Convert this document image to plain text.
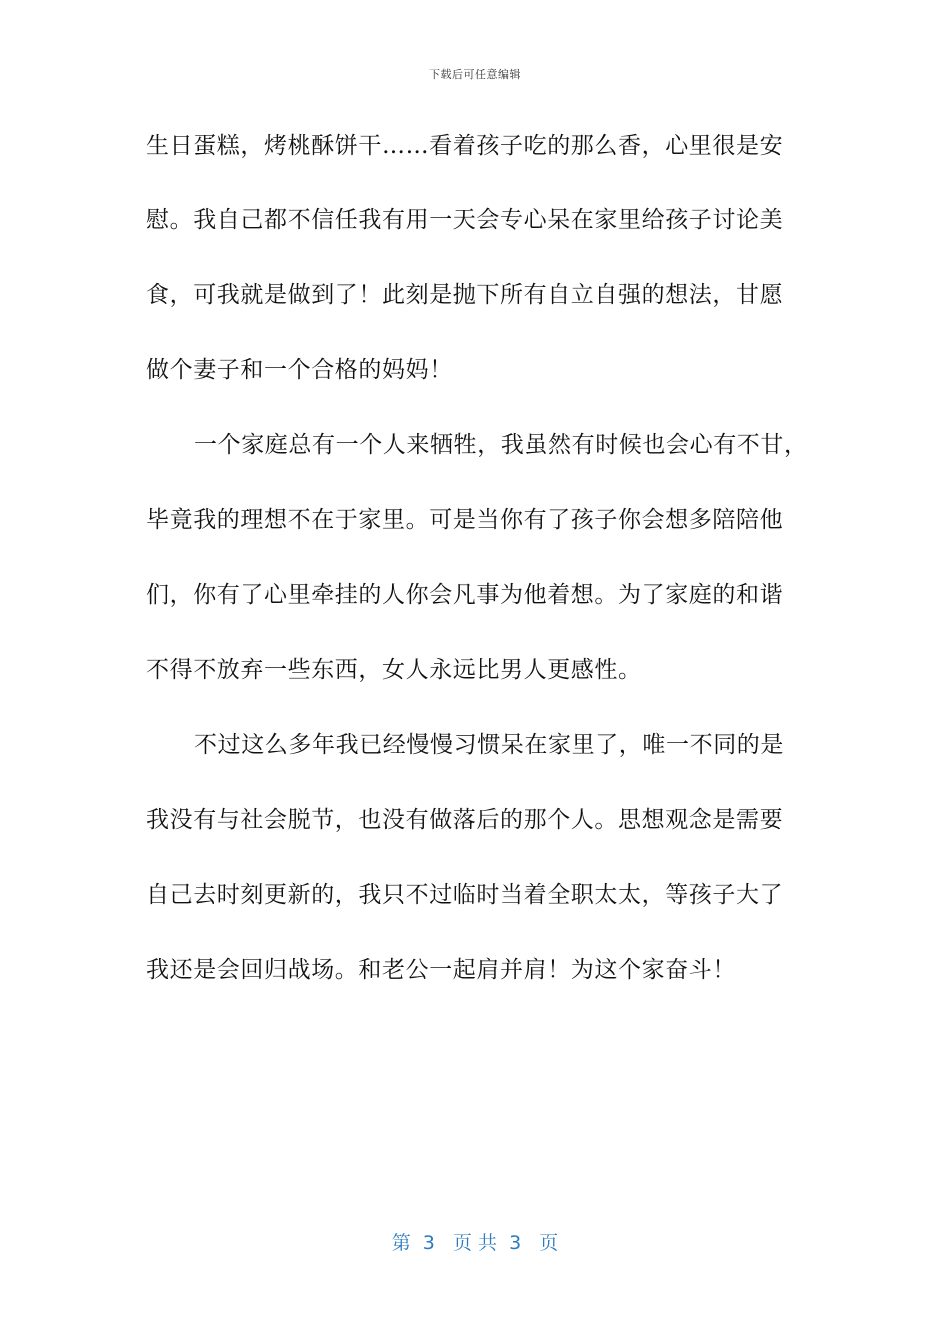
下载后可任意编辑
生日蛋糕，烤桃酥饼干……看着孩子吃的那么香，心里很是安
慰。我自己都不信任我有用一天会专心呆在家里给孩子讨论美
食，可我就是做到了！此刻是抛下所有自立自强的想法，甘愿
做个妻子和一个合格的妈妈！
一个家庭总有一个人来牺牲，我虽然有时候也会心有不甘，
毕竟我的理想不在于家里。可是当你有了孩子你会想多陪陪他
们，你有了心里牵挂的人你会凡事为他着想。为了家庭的和谐
不得不放弃一些东西，女人永远比男人更感性。
不过这么多年我已经慢慢习惯呆在家里了，唯一不同的是
我没有与社会脱节，也没有做落后的那个人。思想观念是需要
自己去时刻更新的，我只不过临时当着全职太太，等孩子大了
我还是会回归战场。和老公一起肩并肩！为这个家奋斗！
第  3   页 共  3   页
